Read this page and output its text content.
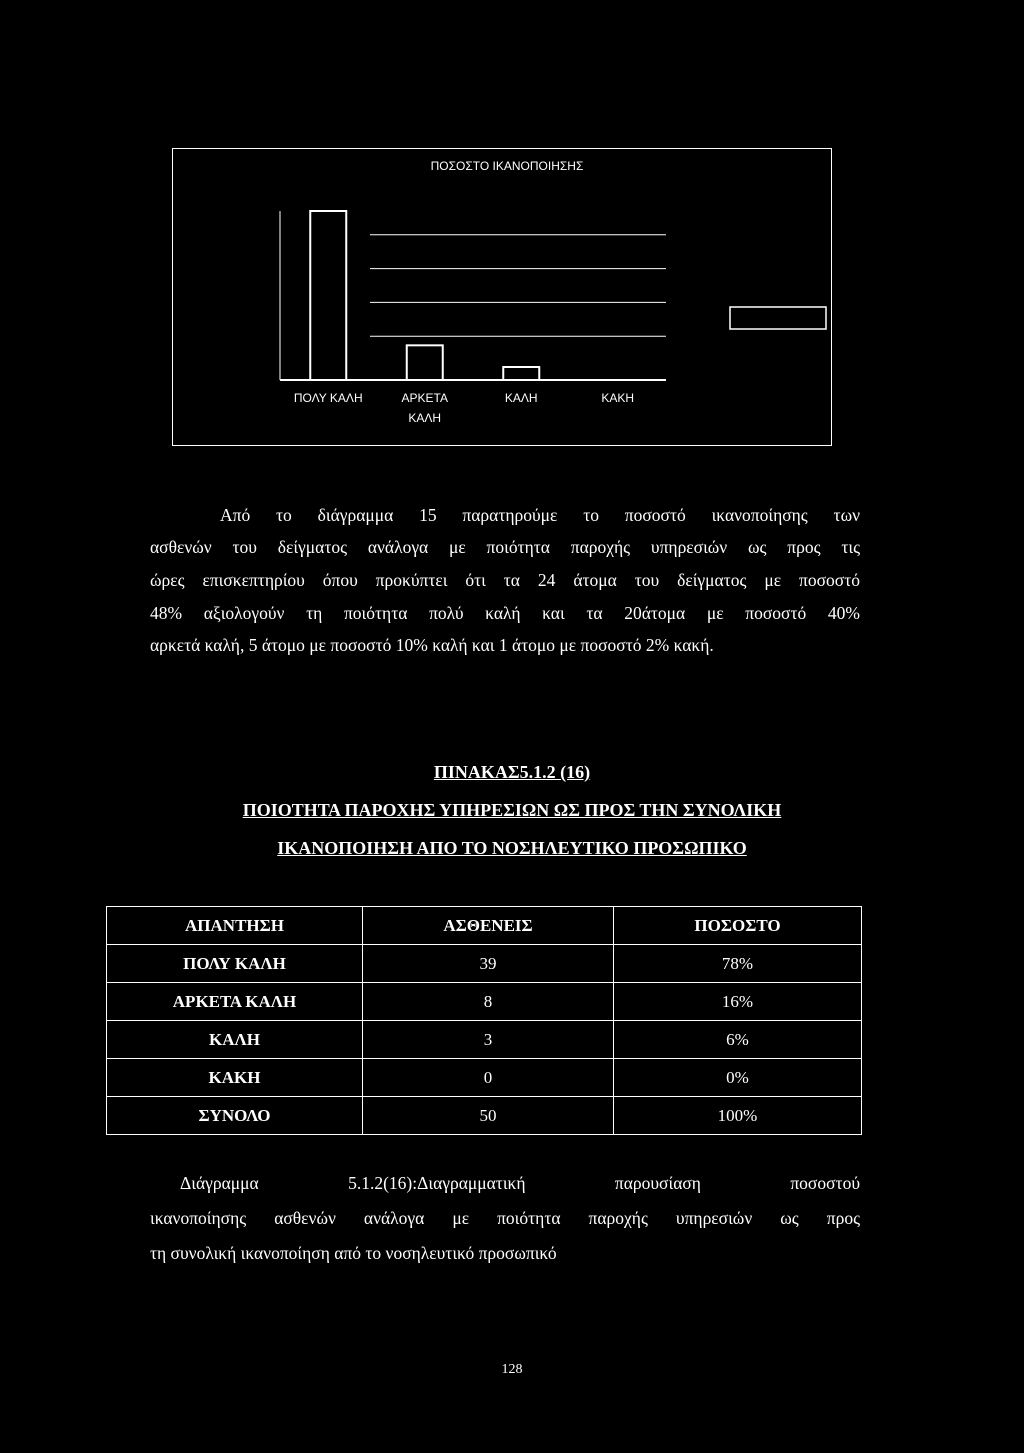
ΠΟΣΟΣΤΟ ΙΚΑΝΟΠΟΙΗΣΗΣ
ΠΟΛΥ ΚΑΛΗ	ΑΡΚΕΤΑ ΚΑΛΗ
ΚΑΛΗ	ΚΑΚΗ
Από το διάγραμμα 15 παρατηρούμε το ποσοστό ικανοποίησης των
ασθενών του δείγματος ανάλογα με ποιότητα παροχής υπηρεσιών ως προς τις
ώρες επισκεπτηρίου όπου προκύπτει ότι τα 24 άτομα του δείγματος με ποσοστό
48% αξιολογούν τη ποιότητα πολύ καλή και τα 20άτομα με ποσοστό 40%
αρκετά καλή, 5 άτομο με ποσοστό 10% καλή και 1 άτομο με ποσοστό 2% κακή.
ΠΙΝΑΚΑΣ5.1.2 (16)
ΠΟΙΟΤΗΤΑ ΠΑΡΟΧΗΣ ΥΠΗΡΕΣΙΩΝ ΩΣ ΠΡΟΣ ΤΗΝ ΣΥΝΟΛΙΚΗ
ΙΚΑΝΟΠΟΙΗΣΗ ΑΠΟ ΤΟ ΝΟΣΗΛΕΥΤΙΚΟ ΠΡΟΣΩΠΙΚΟ
ΑΠΑΝΤΗΣΗ	ΑΣΘΕΝΕΙΣ	ΠΟΣΟΣΤΟ
ΠΟΛΥ ΚΑΛΗ	39	78%
ΑΡΚΕΤΑ ΚΑΛΗ	8	16%
ΚΑΛΗ	3	6%
ΚΑΚΗ	0	0%
ΣΥΝΟΛΟ	50	100%
Διάγραμμα 5.1.2(16):Διαγραμματική παρουσίαση ποσοστού
ικανοποίησης ασθενών ανάλογα με ποιότητα παροχής υπηρεσιών ως προς
τη συνολική ικανοποίηση από το νοσηλευτικό προσωπικό
128
